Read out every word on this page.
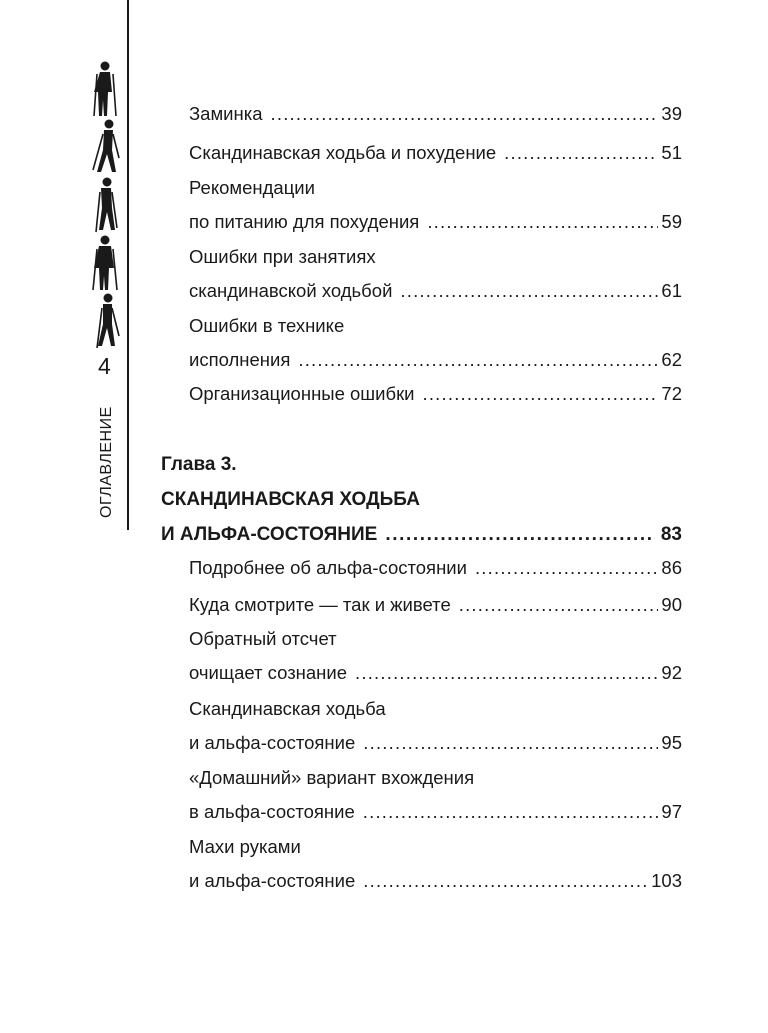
4
ОГЛАВЛЕНИЕ
Заминка .....	39
Скандинавская ходьба и похудение .....	51
Рекомендации
по питанию для похудения .....	59
Ошибки при занятиях
скандинавской ходьбой .....	61
Ошибки в технике
исполнения .....	62
Организационные ошибки .....	72
Глава 3.
СКАНДИНАВСКАЯ ХОДЬБА
И АЛЬФА-СОСТОЯНИЕ .....	83
Подробнее об альфа-состоянии .....	86
Куда смотрите — так и живете .....	90
Обратный отсчет
очищает сознание .....	92
Скандинавская ходьба
и альфа-состояние .....	95
«Домашний» вариант вхождения
в альфа-состояние .....	97
Махи руками
и альфа-состояние .....	103
